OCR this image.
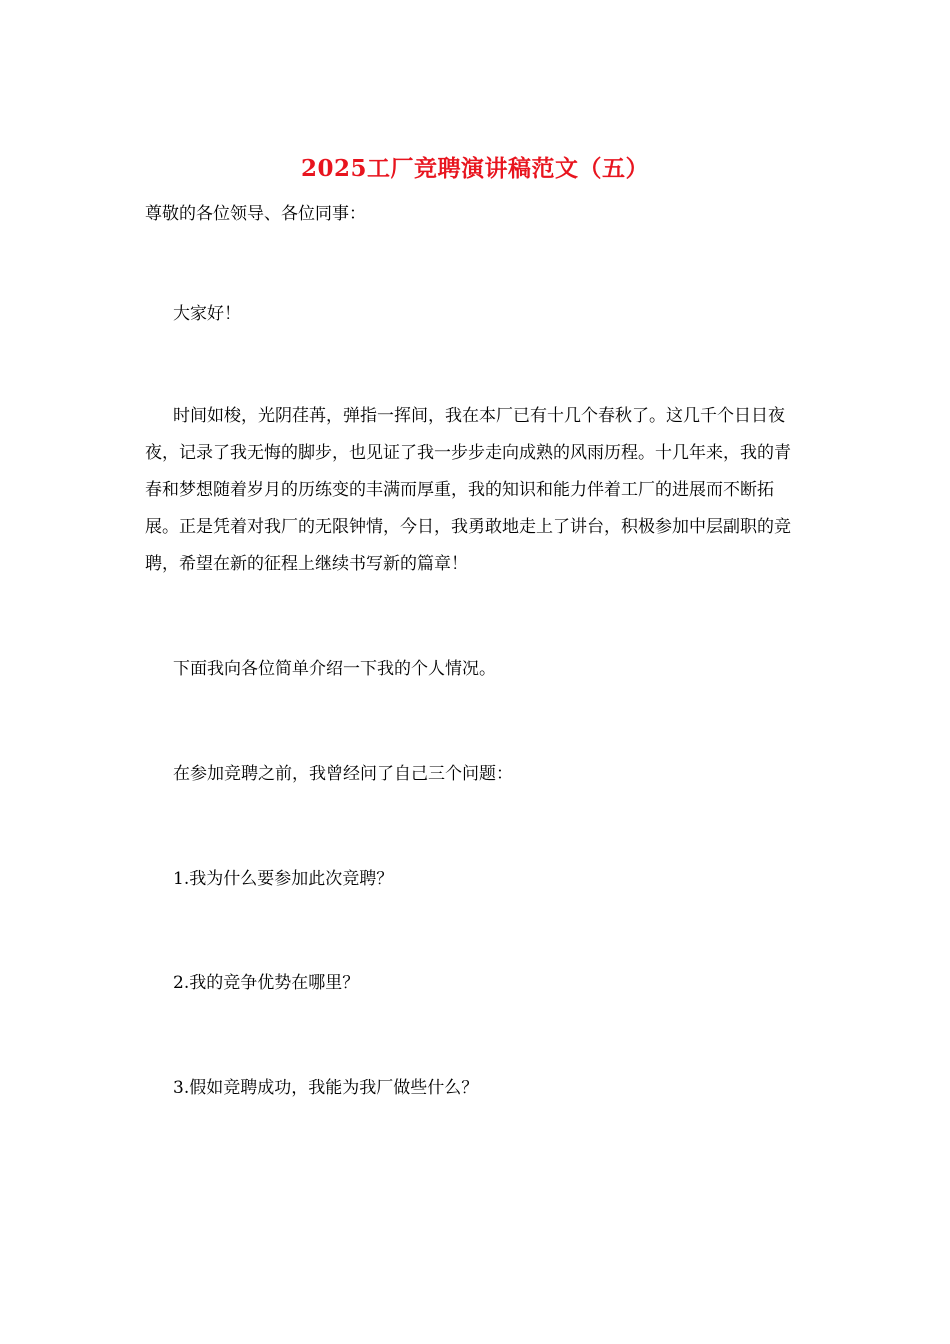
2025工厂竞聘演讲稿范文（五）

尊敬的各位领导、各位同事：

大家好！

时间如梭，光阴荏苒，弹指一挥间，我在本厂已有十几个春秋了。这几千个日日夜夜，记录了我无悔的脚步，也见证了我一步步走向成熟的风雨历程。十几年来，我的青春和梦想随着岁月的历练变的丰满而厚重，我的知识和能力伴着工厂的进展而不断拓展。正是凭着对我厂的无限钟情，今日，我勇敢地走上了讲台，积极参加中层副职的竞聘，希望在新的征程上继续书写新的篇章！

下面我向各位简单介绍一下我的个人情况。

在参加竞聘之前，我曾经问了自己三个问题：

1.我为什么要参加此次竞聘？

2.我的竞争优势在哪里？

3.假如竞聘成功，我能为我厂做些什么？
